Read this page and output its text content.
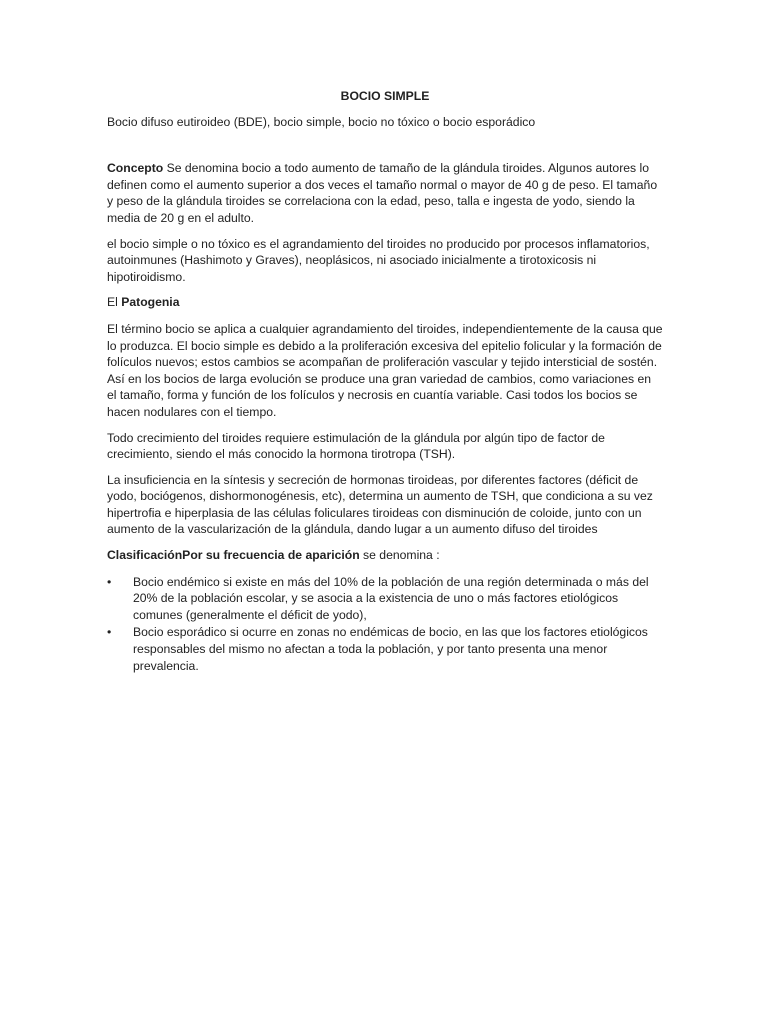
BOCIO SIMPLE
Bocio difuso eutiroideo (BDE), bocio simple, bocio no tóxico o bocio esporádico

Concepto Se denomina bocio a todo aumento de tamaño de la glándula tiroides. Algunos autores lo definen como el aumento superior a dos veces el tamaño normal o mayor de 40 g de peso. El tamaño y peso de la glándula tiroides se correlaciona con la edad, peso, talla e ingesta de yodo, siendo la media de 20 g en el adulto.

el bocio simple o no tóxico es el agrandamiento del tiroides no producido por procesos inflamatorios, autoinmunes (Hashimoto y Graves), neoplásicos, ni asociado inicialmente a tirotoxicosis ni hipotiroidismo.

El Patogenia

El término bocio se aplica a cualquier agrandamiento del tiroides, independientemente de la causa que lo produzca. El bocio simple es debido a la proliferación excesiva del epitelio folicular y la formación de folículos nuevos; estos cambios se acompañan de proliferación vascular y tejido intersticial de sostén. Así en los bocios de larga evolución se produce una gran variedad de cambios, como variaciones en el tamaño, forma y función de los folículos y necrosis en cuantía variable. Casi todos los bocios se hacen nodulares con el tiempo.

Todo crecimiento del tiroides requiere estimulación de la glándula por algún tipo de factor de crecimiento, siendo el más conocido la hormona tirotropa (TSH).

La insuficiencia en la síntesis y secreción de hormonas tiroideas, por diferentes factores (déficit de yodo, bociógenos, dishormonogénesis, etc), determina un aumento de TSH, que condiciona a su vez hipertrofia e hiperplasia de las células foliculares tiroideas con disminución de coloide, junto con un aumento de la vascularización de la glándula, dando lugar a un aumento difuso del tiroides

ClasificaciónPor su frecuencia de aparición se denomina :

•	Bocio endémico si existe en más del 10% de la población de una región determinada o más del 20% de la población escolar, y se asocia a la existencia de uno o más factores etiológicos comunes (generalmente el déficit de yodo),
•	Bocio esporádico si ocurre en zonas no endémicas de bocio, en las que los factores etiológicos responsables del mismo no afectan a toda la población, y por tanto presenta una menor prevalencia.
